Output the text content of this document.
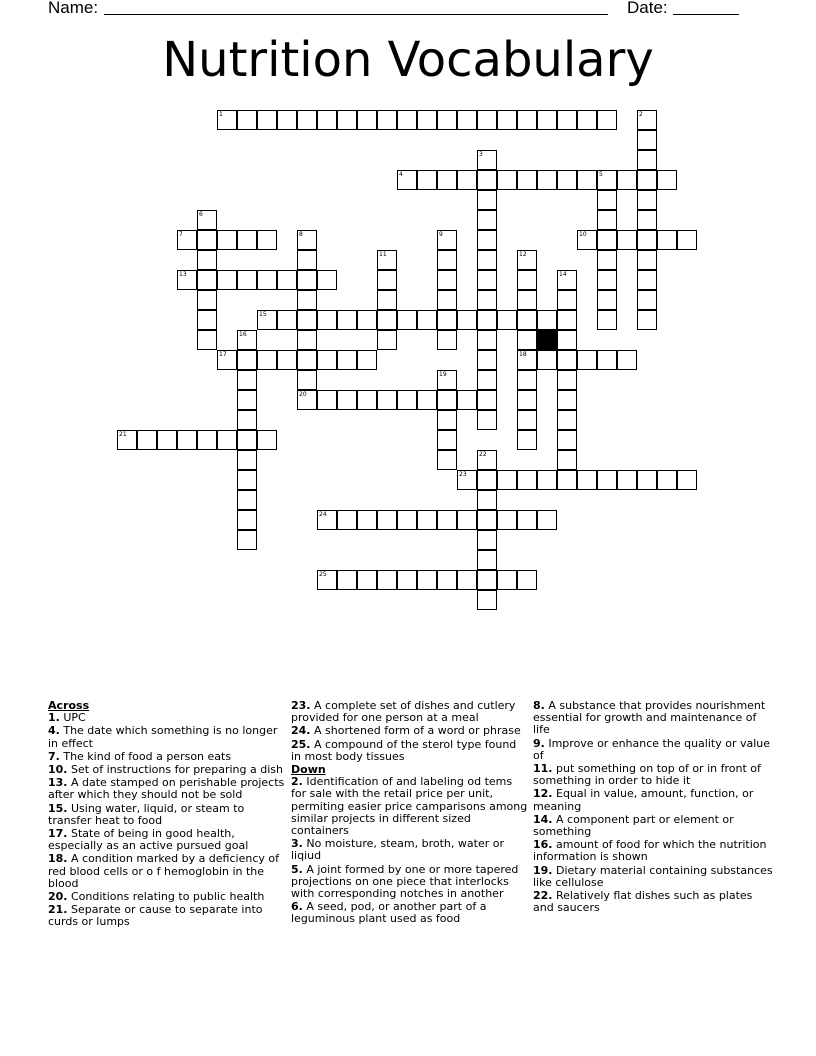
Name:	Date:
Nutrition Vocabulary
1	2
3
4	5
6
7	8
20
9	10
11	12
18
13	14
15
16
17
19
21
22
23
24
25
Across
1. UPC
4. The date which something is no longer in effect
7. The kind of food a person eats
10. Set of instructions for preparing a dish
13. A date stamped on perishable projects after which they should not be sold
15. Using water, liquid, or steam to transfer heat to food
17. State of being in good health, especially as an active pursued goal
18. A condition marked by a deficiency of red blood cells or o f hemoglobin in the blood
20. Conditions relating to public health
21. Separate or cause to separate into curds or lumps
23. A complete set of dishes and cutlery provided for one person at a meal
24. A shortened form of a word or phrase
25. A compound of the sterol type found in most body tissues
Down
2. Identification of and labeling od tems for sale with the retail price per unit, permiting easier price camparisons among similar projects in different sized containers
3. No moisture, steam, broth, water or liqiud
5. A joint formed by one or more tapered projections on one piece that interlocks with corresponding notches in another
6. A seed, pod, or another part of a leguminous plant used as food
8. A substance that provides nourishment essential for growth and maintenance of life
9. Improve or enhance the quality or value of
11. put something on top of or in front of something in order to hide it
12. Equal in value, amount, function, or meaning
14. A component part or element or something
16. amount of food for which the nutrition information is shown
19. Dietary material containing substances like cellulose
22. Relatively flat dishes such as plates and saucers
